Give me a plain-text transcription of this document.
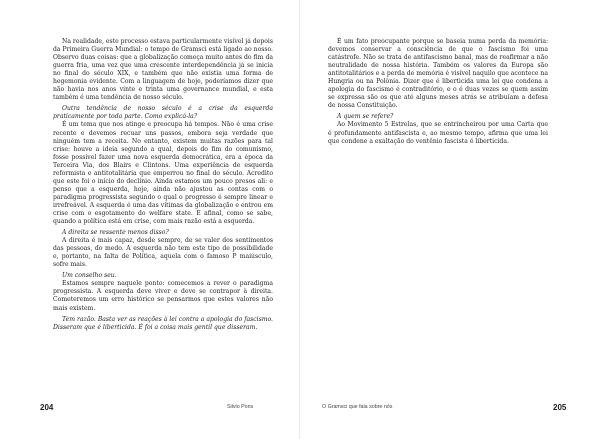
Na realidade, este processo estava particularmente visível já depois da Primeira Guerra Mundial: o tempo de Gramsci está ligado ao nosso. Observo duas coisas: que a globalização começa muito antes do fim da guerra fria, uma vez que uma crescente interdependência já se inicia no final do século XIX, e também que não existia uma forma de hegemonia evidente. Com a linguagem de hoje, poderíamos dizer que não havia nos anos vinte e trinta uma governance mundial, e esta também é uma tendência de nosso século.

Outra tendência de nosso século é a crise da esquerda praticamente por toda parte. Como explicá-la?

É um tema que nos atinge e preocupa há tempos. Não é uma crise recente e devemos recuar uns passos, embora seja verdade que ninguém tem a receita. No entanto, existem muitas razões para tal crise: houve a ideia segundo a qual, depois do fim do comunismo, fosse possível fazer uma nova esquerda democrática, era a época da Terceira Via, dos Blairs e Clintons. Uma experiência de esquerda reformista e antitotalitária que emperrou no final do século. Acredito que este foi o início do declínio. Ainda estamos um pouco presos ali: e penso que a esquerda, hoje, ainda não ajustou as contas com o paradigma progressista segundo o qual o progresso é sempre linear e irrefreável. A esquerda é uma das vítimas da globalização e entrou em crise com o esgotamento do welfare state. E afinal, como se sabe, quando a política está em crise, com mais razão está a esquerda.

A direita se ressente menos disso?

A direita é mais capaz, desde sempre, de se valer dos sentimentos das pessoas, do medo. A esquerda não tem este tipo de possibilidade e, portanto, na falta de Política, aquela com o famoso P maiúsculo, sofre mais.

Um conselho seu.

Estamos sempre naquele ponto: comecemos a rever o paradigma progressista. A esquerda deve viver e deve se contrapor à direita. Cometeremos um erro histórico se pensarmos que estes valores não mais existem.

Tem razão. Basta ver as reações à lei contra a apologia do fascismo. Disseram que é liberticida. É foi a coisa mais gentil que disseram.

204	Silvio Pons

É um fato preocupante porque se baseia numa perda da memória: devemos conservar a consciência de que o fascismo foi uma catástrofe. Não se trata de antifascismo banal, mas de reafirmar a não neutralidade de nossa história. Também os valores da Europa são antitotalitários e a perda de memória é visível naquilo que acontece na Hungria ou na Polônia. Dizer que é liberticida uma lei que condena a apologia do fascismo é contraditório, e o é duas vezes se quem assim se expressa são os que até alguns meses atrás se atribuíam a defesa de nossa Constituição.

A quem se refere?

Ao Movimento 5 Estrelas, que se entrincheirou por uma Carta que é profundamente antifascista e, ao mesmo tempo, afirma que uma lei que condene a exaltação do ventênio fascista é liberticida.

O Gramsci que fala sobre nós	205
